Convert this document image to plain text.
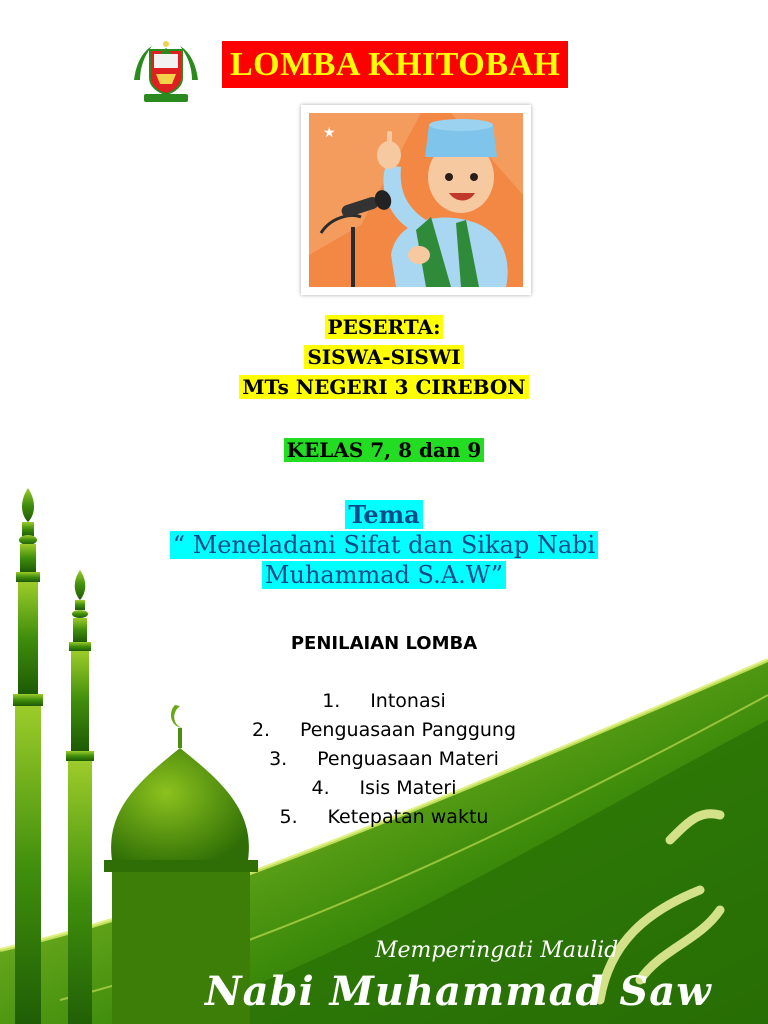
LOMBA KHITOBAH
★
PESERTA:
SISWA-SISWI
MTs NEGERI 3 CIREBON
KELAS 7, 8 dan 9
Tema
“ Meneladani Sifat dan Sikap Nabi
Muhammad S.A.W”
PENILAIAN LOMBA
1. Intonasi
2. Penguasaan Panggung
3. Penguasaan Materi
4. Isis Materi
5. Ketepatan waktu
Memperingati Maulid
Nabi Muhammad Saw
